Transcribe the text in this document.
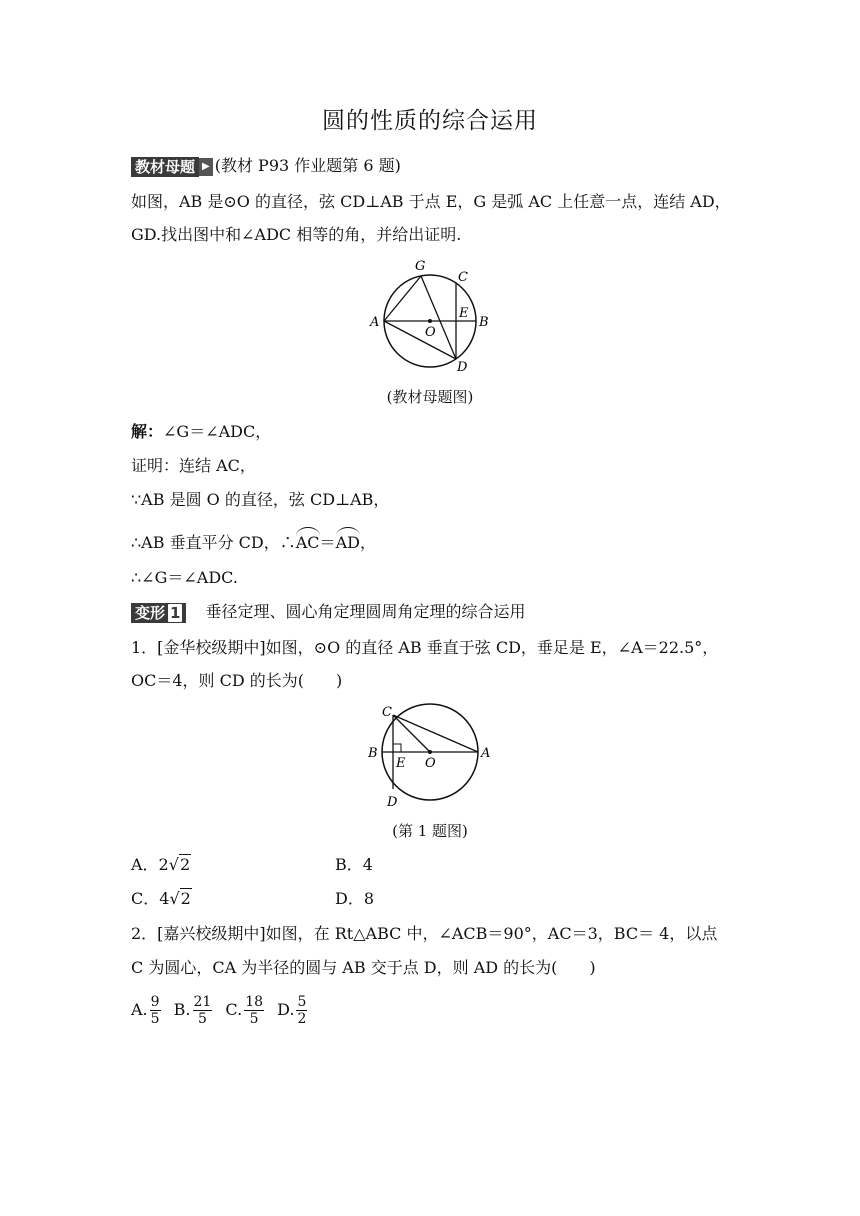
圆的性质的综合运用
教材母题 ▶ (教材 P93 作业题第 6 题)
如图，AB 是⊙O 的直径，弦 CD⊥AB 于点 E，G 是弧 AC 上任意一点，连结 AD，
GD.找出图中和∠ADC 相等的角，并给出证明.
A	B
C
D
E
G
O
(教材母题图)
解：∠G＝∠ADC，
证明：连结 AC，
∵AB 是圆 O 的直径，弦 CD⊥AB，
∴AB 垂直平分 CD，∴AC＝AD，
∴∠G＝∠ADC.
变形 1 垂径定理、圆心角定理圆周角定理的综合运用
1．[金华校级期中]如图，⊙O 的直径 AB 垂直于弦 CD，垂足是 E，∠A＝22.5°，
OC＝4，则 CD 的长为(　　)
C
B	A
E O
D
(第 1 题图)
A．2√2	B．4
C．4√2	D．8
2．[嘉兴校级期中]如图，在 Rt△ABC 中，∠ACB＝90°，AC＝3，BC＝ 4，以点
C 为圆心，CA 为半径的圆与 AB 交于点 D，则 AD 的长为(　　)
A. $\frac{9}{5} B$. $\frac{21}{5} C$. $\frac{18}{5} D$. $\frac{5}{2}$
